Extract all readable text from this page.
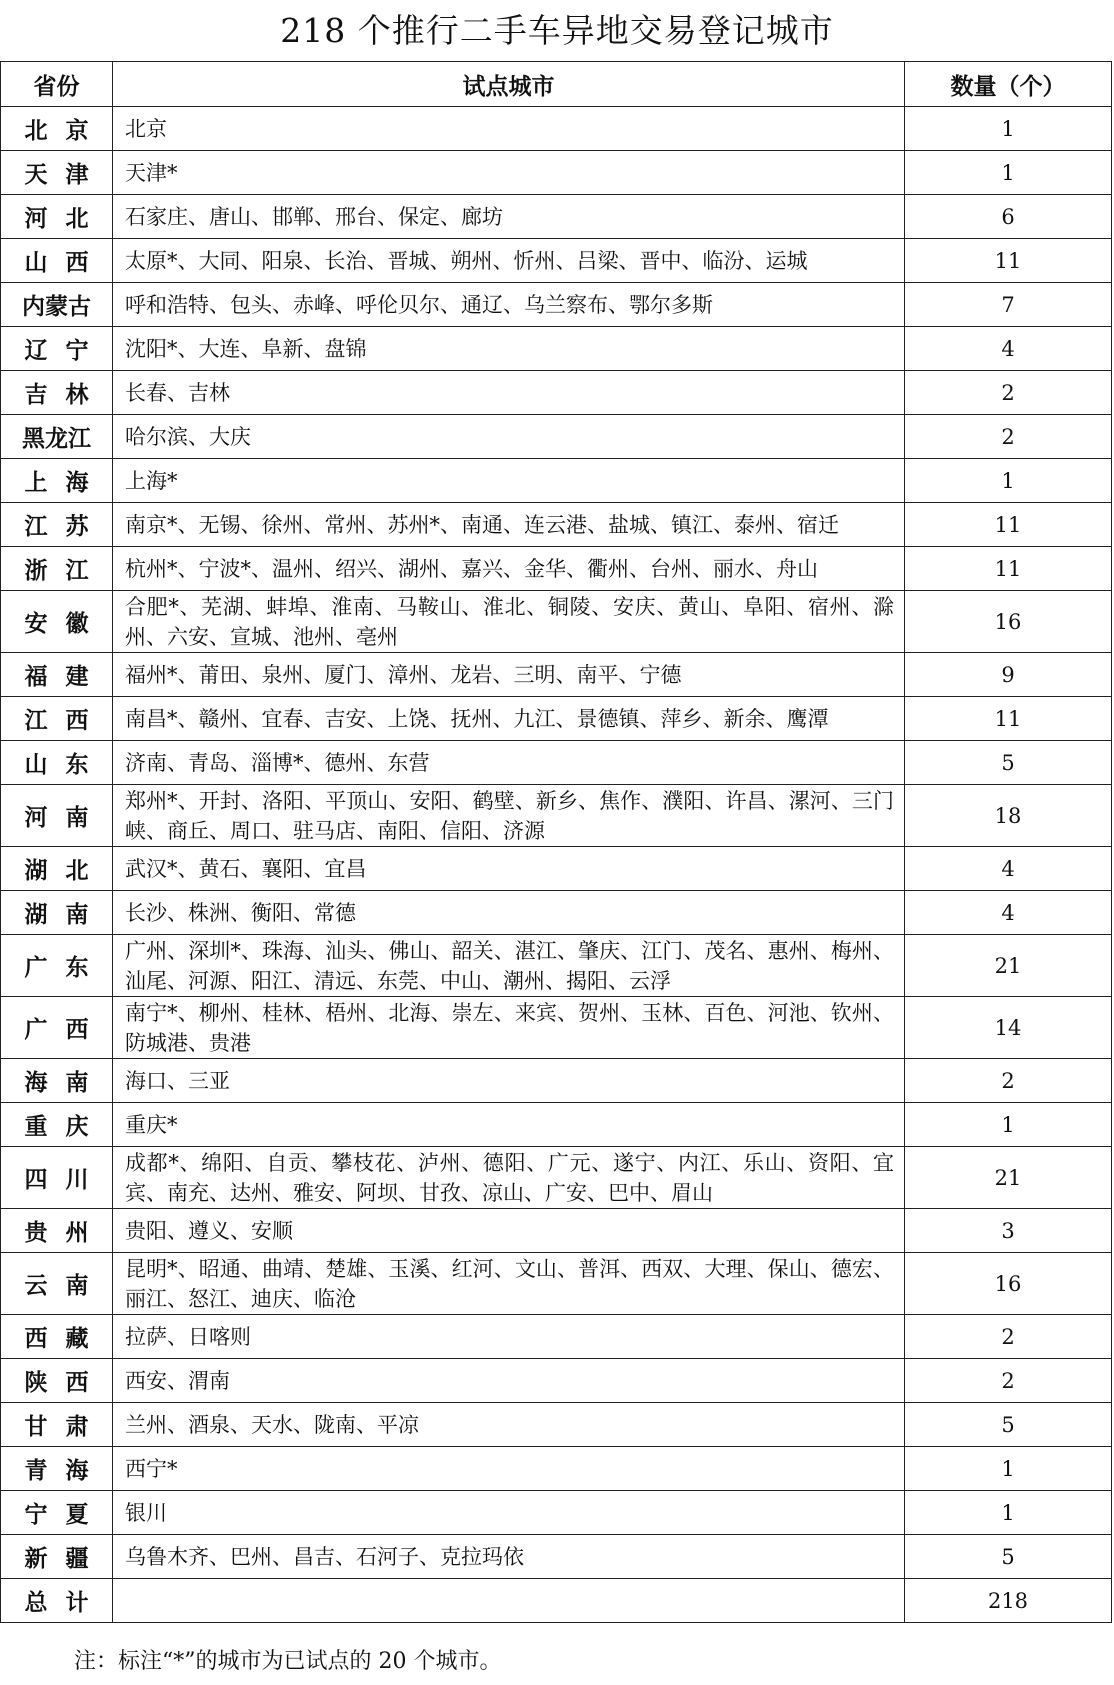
218 个推行二手车异地交易登记城市
省份	试点城市	数量（个）
北京	北京	1
天津	天津*	1
河北	石家庄、唐山、邯郸、邢台、保定、廊坊	6
山西	太原*、大同、阳泉、长治、晋城、朔州、忻州、吕梁、晋中、临汾、运城	11
内蒙古	呼和浩特、包头、赤峰、呼伦贝尔、通辽、乌兰察布、鄂尔多斯	7
辽宁	沈阳*、大连、阜新、盘锦	4
吉林	长春、吉林	2
黑龙江	哈尔滨、大庆	2
上海	上海*	1
江苏	南京*、无锡、徐州、常州、苏州*、南通、连云港、盐城、镇江、泰州、宿迁	11
浙江	杭州*、宁波*、温州、绍兴、湖州、嘉兴、金华、衢州、台州、丽水、舟山	11
安徽	合肥*、芜湖、蚌埠、淮南、马鞍山、淮北、铜陵、安庆、黄山、阜阳、宿州、滁州、六安、宣城、池州、亳州	16
福建	福州*、莆田、泉州、厦门、漳州、龙岩、三明、南平、宁德	9
江西	南昌*、赣州、宜春、吉安、上饶、抚州、九江、景德镇、萍乡、新余、鹰潭	11
山东	济南、青岛、淄博*、德州、东营	5
河南	郑州*、开封、洛阳、平顶山、安阳、鹤壁、新乡、焦作、濮阳、许昌、漯河、三门峡、商丘、周口、驻马店、南阳、信阳、济源	18
湖北	武汉*、黄石、襄阳、宜昌	4
湖南	长沙、株洲、衡阳、常德	4
广东	广州、深圳*、珠海、汕头、佛山、韶关、湛江、肇庆、江门、茂名、惠州、梅州、汕尾、河源、阳江、清远、东莞、中山、潮州、揭阳、云浮	21
广西	南宁*、柳州、桂林、梧州、北海、崇左、来宾、贺州、玉林、百色、河池、钦州、防城港、贵港	14
海南	海口、三亚	2
重庆	重庆*	1
四川	成都*、绵阳、自贡、攀枝花、泸州、德阳、广元、遂宁、内江、乐山、资阳、宜宾、南充、达州、雅安、阿坝、甘孜、凉山、广安、巴中、眉山	21
贵州	贵阳、遵义、安顺	3
云南	昆明*、昭通、曲靖、楚雄、玉溪、红河、文山、普洱、西双、大理、保山、德宏、丽江、怒江、迪庆、临沧	16
西藏	拉萨、日喀则	2
陕西	西安、渭南	2
甘肃	兰州、酒泉、天水、陇南、平凉	5
青海	西宁*	1
宁夏	银川	1
新疆	乌鲁木齐、巴州、昌吉、石河子、克拉玛依	5
总计		218
注：标注“*”的城市为已试点的 20 个城市。
